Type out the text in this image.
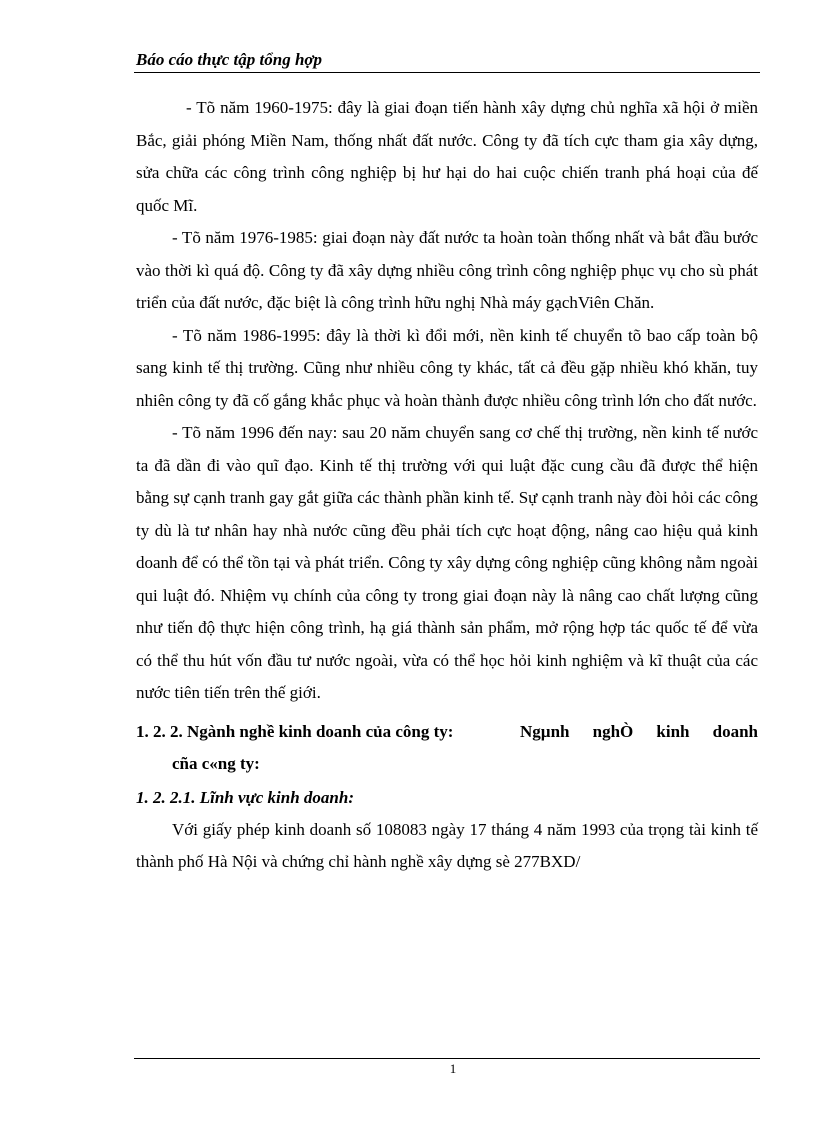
Báo cáo thực tập tổng hợp

- Tõ năm 1960-1975: đây là giai đoạn tiến hành xây dựng chủ nghĩa xã hội ở miền Bắc, giải phóng Miền Nam, thống nhất đất nước. Công ty đã tích cực tham gia xây dựng, sửa chữa các công trình công nghiệp bị hư hại do hai cuộc chiến tranh phá hoại của đế quốc Mĩ.

- Tõ năm 1976-1985: giai đoạn này đất nước ta hoàn toàn thống nhất và bắt đầu bước vào thời kì quá độ. Công ty đã xây dựng nhiều công trình công nghiệp phục vụ cho sù phát triển của đất nước, đặc biệt là công trình hữu nghị Nhà máy gạchViên Chăn.

- Tõ năm 1986-1995: đây là thời kì đổi mới, nền kinh tế chuyển tõ bao cấp toàn bộ sang kinh tế thị trường. Cũng như nhiều công ty khác, tất cả đều gặp nhiều khó khăn, tuy nhiên công ty đã cố gắng khắc phục và hoàn thành được nhiều công trình lớn cho đất nước.

- Tõ năm 1996 đến nay: sau 20 năm chuyển sang cơ chế thị trường, nền kinh tế nước ta đã dần đi vào quĩ đạo. Kinh tế thị trường với qui luật đặc cung cầu đã được thể hiện bằng sự cạnh tranh gay gắt giữa các thành phần kinh tế. Sự cạnh tranh này đòi hỏi các công ty dù là tư nhân hay nhà nước cũng đều phải tích cực hoạt động, nâng cao hiệu quả kinh doanh để có thể tồn tại và phát triển. Công ty xây dựng công nghiệp cũng không nằm ngoài qui luật đó. Nhiệm vụ chính của công ty trong giai đoạn này là nâng cao chất lượng cũng như tiến độ thực hiện công trình, hạ giá thành sản phẩm, mở rộng hợp tác quốc tế để vừa có thể thu hút vốn đầu tư nước ngoài, vừa có thể học hỏi kinh nghiệm và kĩ thuật của các nước tiên tiến trên thế giới.

1. 2. 2. Ngành nghề kinh doanh của công ty:	Ngµnh nghÒ kinh doanh
cña c«ng ty:
1. 2. 2.1. Lĩnh vực kinh doanh:

Với giấy phép kinh doanh số 108083 ngày 17 tháng 4 năm 1993 của trọng tài kinh tế thành phố Hà Nội và chứng chỉ hành nghề xây dựng sè 277BXD/

1
